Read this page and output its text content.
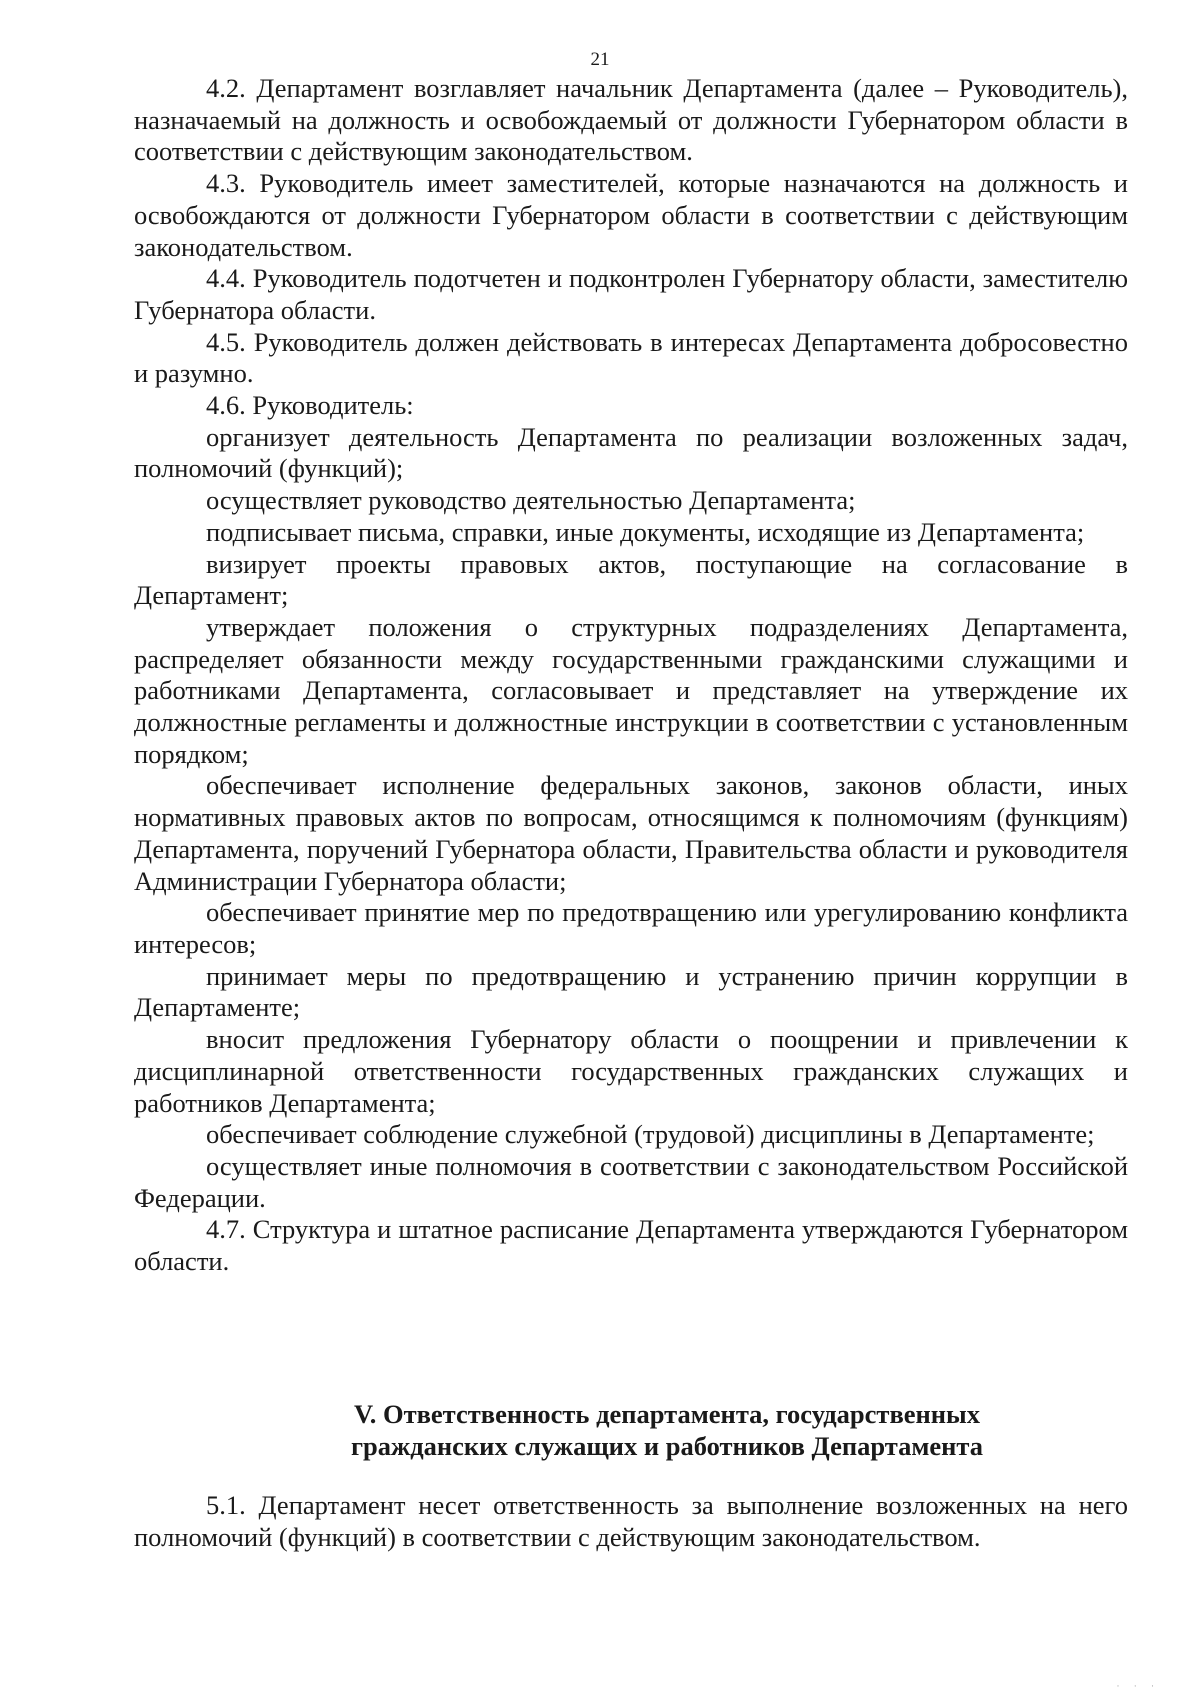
21

4.2. Департамент возглавляет начальник Департамента (далее – Руководитель), назначаемый на должность и освобождаемый от должности Губернатором области в соответствии с действующим законодательством.

4.3. Руководитель имеет заместителей, которые назначаются на должность и освобождаются от должности Губернатором области в соответствии с действующим законодательством.

4.4. Руководитель подотчетен и подконтролен Губернатору области, заместителю Губернатора области.

4.5. Руководитель должен действовать в интересах Департамента добросовестно и разумно.

4.6. Руководитель:

организует деятельность Департамента по реализации возложенных задач, полномочий (функций);

осуществляет руководство деятельностью Департамента;

подписывает письма, справки, иные документы, исходящие из Департамента;

визирует проекты правовых актов, поступающие на согласование в Департамент;

утверждает положения о структурных подразделениях Департамента, распределяет обязанности между государственными гражданскими служащими и работниками Департамента, согласовывает и представляет на утверждение их должностные регламенты и должностные инструкции в соответствии с установленным порядком;

обеспечивает исполнение федеральных законов, законов области, иных нормативных правовых актов по вопросам, относящимся к полномочиям (функциям) Департамента, поручений Губернатора области, Правительства области и руководителя Администрации Губернатора области;

обеспечивает принятие мер по предотвращению или урегулированию конфликта интересов;

принимает меры по предотвращению и устранению причин коррупции в Департаменте;

вносит предложения Губернатору области о поощрении и привлечении к дисциплинарной ответственности государственных гражданских служащих и работников Департамента;

обеспечивает соблюдение служебной (трудовой) дисциплины в Департаменте;

осуществляет иные полномочия в соответствии с законодательством Российской Федерации.

4.7. Структура и штатное расписание Департамента утверждаются Губернатором области.

V. Ответственность департамента, государственных
гражданских служащих и работников Департамента

5.1. Департамент несет ответственность за выполнение возложенных на него полномочий (функций) в соответствии с действующим законодательством.

· · ·
